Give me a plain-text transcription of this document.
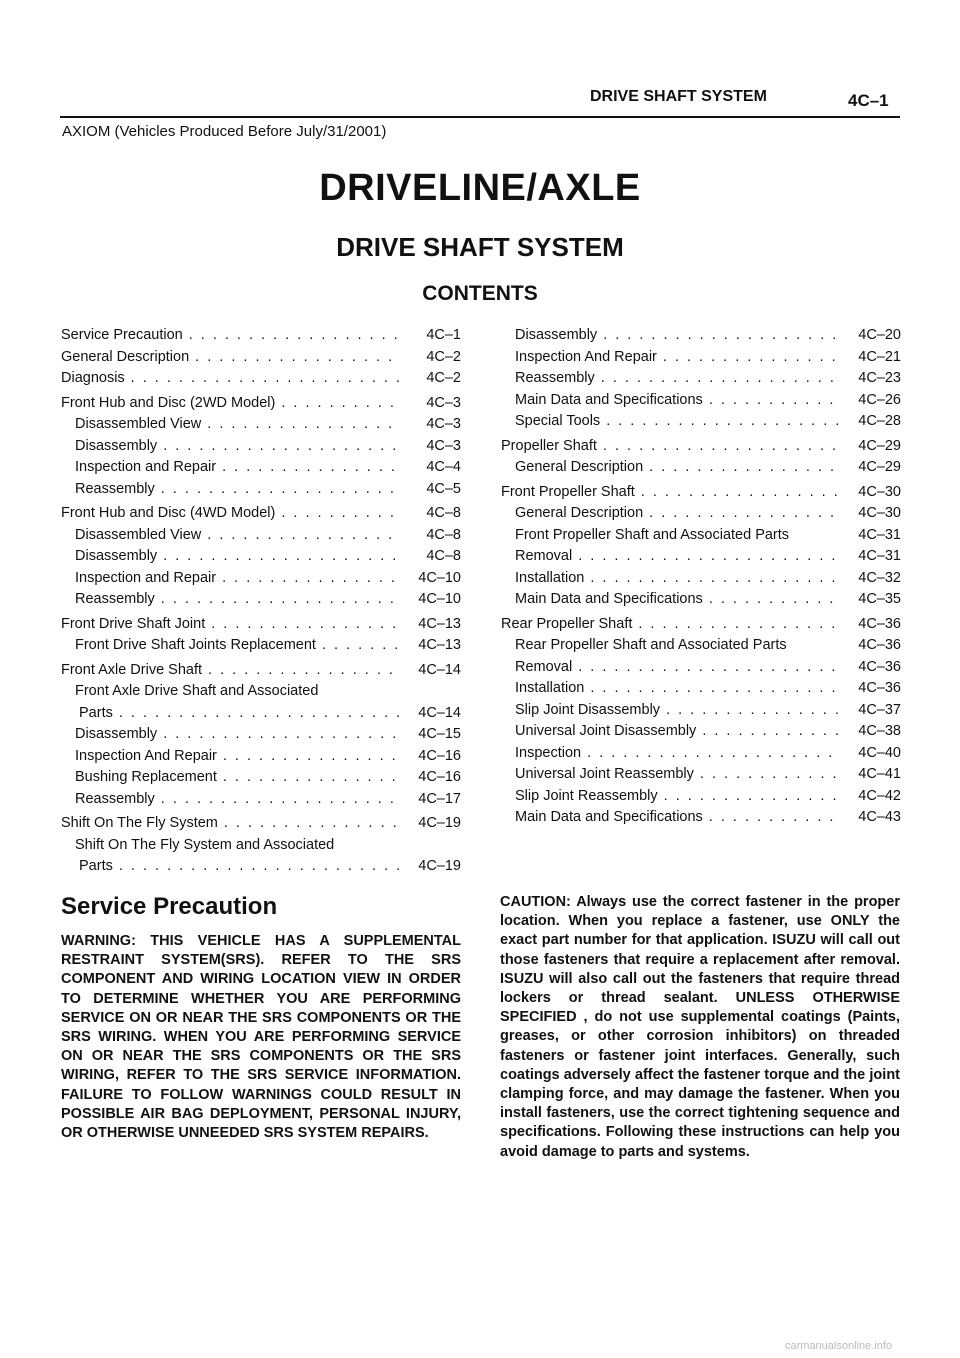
DRIVE SHAFT SYSTEM	4C–1
AXIOM (Vehicles Produced Before July/31/2001)
DRIVELINE/AXLE
DRIVE SHAFT SYSTEM
CONTENTS
Service Precaution . . .	4C–1
General Description . . .	4C–2
Diagnosis . . .	4C–2
Front Hub and Disc (2WD Model) . . .	4C–3
Disassembled View . . .	4C–3
Disassembly . . .	4C–3
Inspection and Repair . . .	4C–4
Reassembly . . .	4C–5
Front Hub and Disc (4WD Model) . . .	4C–8
Disassembled View . . .	4C–8
Disassembly . . .	4C–8
Inspection and Repair . . .	4C–10
Reassembly . . .	4C–10
Front Drive Shaft Joint . . .	4C–13
Front Drive Shaft Joints Replacement . . .	4C–13
Front Axle Drive Shaft . . .	4C–14
Front Axle Drive Shaft and Associated
Parts . . .	4C–14
Disassembly . . .	4C–15
Inspection And Repair . . .	4C–16
Bushing Replacement . . .	4C–16
Reassembly . . .	4C–17
Shift On The Fly System . . .	4C–19
Shift On The Fly System and Associated
Parts . . .	4C–19
Disassembly . . .	4C–20
Inspection And Repair . . .	4C–21
Reassembly . . .	4C–23
Main Data and Specifications . . .	4C–26
Special Tools . . .	4C–28
Propeller Shaft . . .	4C–29
General Description . . .	4C–29
Front Propeller Shaft . . .	4C–30
General Description . . .	4C–30
Front Propeller Shaft and Associated Parts	4C–31
Removal . . .	4C–31
Installation . . .	4C–32
Main Data and Specifications . . .	4C–35
Rear Propeller Shaft . . .	4C–36
Rear Propeller Shaft and Associated Parts	4C–36
Removal . . .	4C–36
Installation . . .	4C–36
Slip Joint Disassembly . . .	4C–37
Universal Joint Disassembly . . .	4C–38
Inspection . . .	4C–40
Universal Joint Reassembly . . .	4C–41
Slip Joint Reassembly . . .	4C–42
Main Data and Specifications . . .	4C–43
Service Precaution
WARNING: THIS VEHICLE HAS A SUPPLEMENTAL RESTRAINT SYSTEM(SRS). REFER TO THE SRS COMPONENT AND WIRING LOCATION VIEW IN ORDER TO DETERMINE WHETHER YOU ARE PERFORMING SERVICE ON OR NEAR THE SRS COMPONENTS OR THE SRS WIRING. WHEN YOU ARE PERFORMING SERVICE ON OR NEAR THE SRS COMPONENTS OR THE SRS WIRING, REFER TO THE SRS SERVICE INFORMATION. FAILURE TO FOLLOW WARNINGS COULD RESULT IN POSSIBLE AIR BAG DEPLOYMENT, PERSONAL INJURY, OR OTHERWISE UNNEEDED SRS SYSTEM REPAIRS.
CAUTION: Always use the correct fastener in the proper location. When you replace a fastener, use ONLY the exact part number for that application. ISUZU will call out those fasteners that require a replacement after removal. ISUZU will also call out the fasteners that require thread lockers or thread sealant. UNLESS OTHERWISE SPECIFIED , do not use supplemental coatings (Paints, greases, or other corrosion inhibitors) on threaded fasteners or fastener joint interfaces. Generally, such coatings adversely affect the fastener torque and the joint clamping force, and may damage the fastener. When you install fasteners, use the correct tightening sequence and specifications. Following these instructions can help you avoid damage to parts and systems.
carmanualsonline.info
